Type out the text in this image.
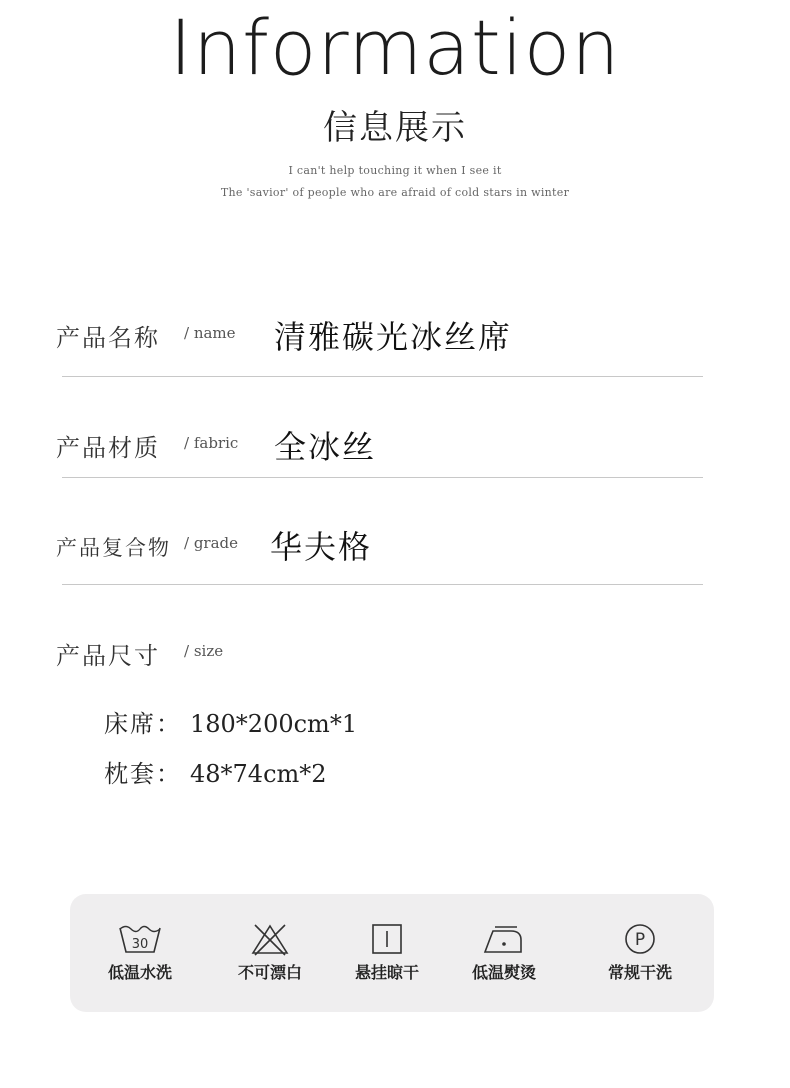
Information
信息展示
I can't help touching it when I see it
The 'savior' of people who are afraid of cold stars in winter
产品名称 / name 清雅碳光冰丝席
产品材质 / fabric 全冰丝
产品复合物 / grade 华夫格
产品尺寸 / size
床席： 180*200cm*1
枕套： 48*74cm*2
30
低温水洗	不可漂白	悬挂晾干	低温熨烫
P
常规干洗
